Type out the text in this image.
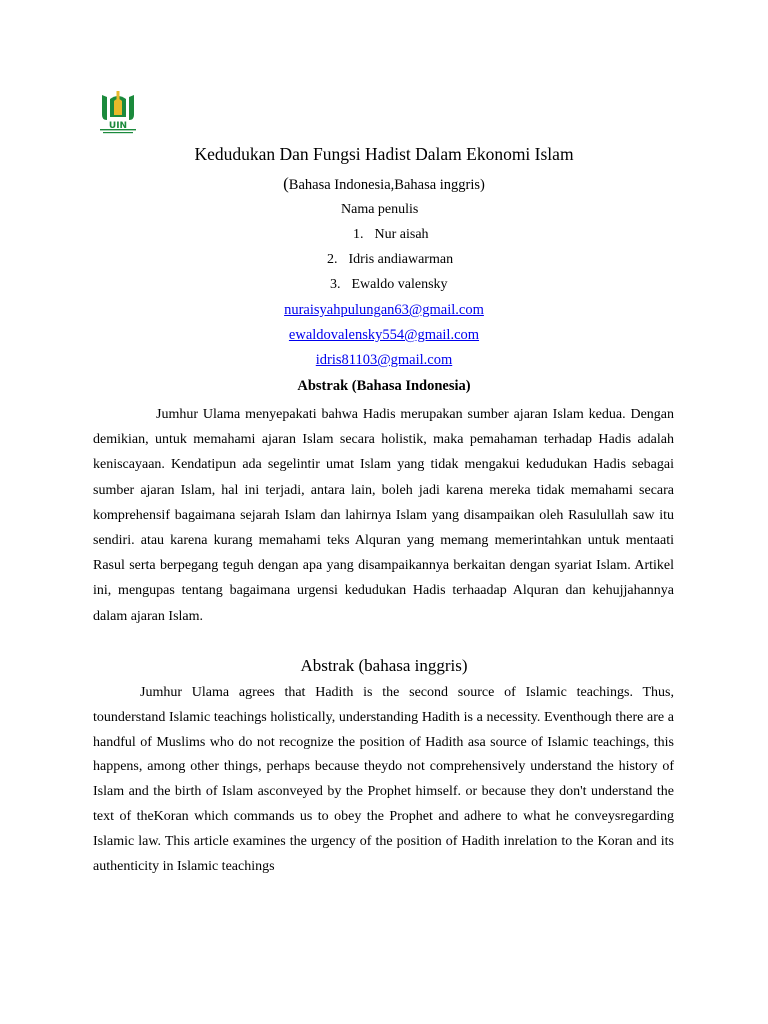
UIN
Kedudukan Dan Fungsi Hadist Dalam Ekonomi Islam
(Bahasa Indonesia,Bahasa inggris)
Nama penulis
1. Nur aisah
2. Idris andiawarman
3. Ewaldo valensky
nuraisyahpulungan63@gmail.com
ewaldovalensky554@gmail.com
idris81103@gmail.com
Abstrak (Bahasa Indonesia)

Jumhur Ulama menyepakati bahwa Hadis merupakan sumber ajaran Islam kedua. Dengan demikian, untuk memahami ajaran Islam secara holistik, maka pemahaman terhadap Hadis adalah keniscayaan. Kendatipun ada segelintir umat Islam yang tidak mengakui kedudukan Hadis sebagai sumber ajaran Islam, hal ini terjadi, antara lain, boleh jadi karena mereka tidak memahami secara komprehensif bagaimana sejarah Islam dan lahirnya Islam yang disampaikan oleh Rasulullah saw itu sendiri. atau karena kurang memahami teks Alquran yang memang memerintahkan untuk mentaati Rasul serta berpegang teguh dengan apa yang disampaikannya berkaitan dengan syariat Islam. Artikel ini, mengupas tentang bagaimana urgensi kedudukan Hadis terhaadap Alquran dan kehujjahannya dalam ajaran Islam.

Abstrak (bahasa inggris)

Jumhur Ulama agrees that Hadith is the second source of Islamic teachings. Thus, tounderstand Islamic teachings holistically, understanding Hadith is a necessity. Eventhough there are a handful of Muslims who do not recognize the position of Hadith asa source of Islamic teachings, this happens, among other things, perhaps because theydo not comprehensively understand the history of Islam and the birth of Islam asconveyed by the Prophet himself. or because they don't understand the text of theKoran which commands us to obey the Prophet and adhere to what he conveysregarding Islamic law. This article examines the urgency of the position of Hadith inrelation to the Koran and its authenticity in Islamic teachings
